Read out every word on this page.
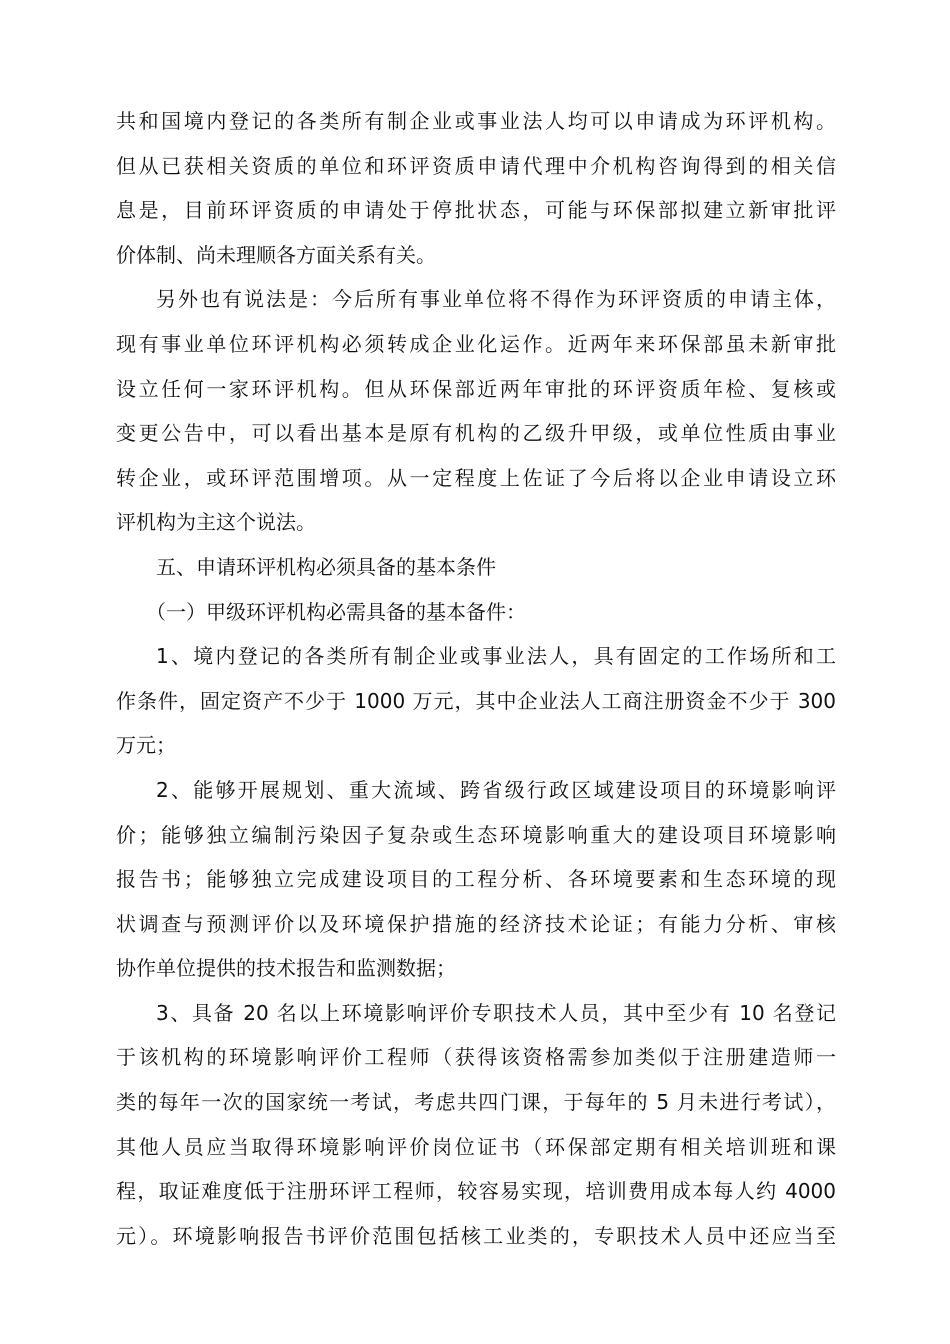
共和国境内登记的各类所有制企业或事业法人均可以申请成为环评机构。
但从已获相关资质的单位和环评资质申请代理中介机构咨询得到的相关信
息是，目前环评资质的申请处于停批状态，可能与环保部拟建立新审批评
价体制、尚未理顺各方面关系有关。
另外也有说法是：今后所有事业单位将不得作为环评资质的申请主体，
现有事业单位环评机构必须转成企业化运作。近两年来环保部虽未新审批
设立任何一家环评机构。但从环保部近两年审批的环评资质年检、复核或
变更公告中，可以看出基本是原有机构的乙级升甲级，或单位性质由事业
转企业，或环评范围增项。从一定程度上佐证了今后将以企业申请设立环
评机构为主这个说法。
五、申请环评机构必须具备的基本条件
（一）甲级环评机构必需具备的基本备件：
1、境内登记的各类所有制企业或事业法人，具有固定的工作场所和工
作条件，固定资产不少于 1000 万元，其中企业法人工商注册资金不少于 300
万元；
2、能够开展规划、重大流域、跨省级行政区域建设项目的环境影响评
价；能够独立编制污染因子复杂或生态环境影响重大的建设项目环境影响
报告书；能够独立完成建设项目的工程分析、各环境要素和生态环境的现
状调查与预测评价以及环境保护措施的经济技术论证；有能力分析、审核
协作单位提供的技术报告和监测数据；
3、具备 20 名以上环境影响评价专职技术人员，其中至少有 10 名登记
于该机构的环境影响评价工程师（获得该资格需参加类似于注册建造师一
类的每年一次的国家统一考试，考虑共四门课，于每年的 5 月未进行考试），
其他人员应当取得环境影响评价岗位证书（环保部定期有相关培训班和课
程，取证难度低于注册环评工程师，较容易实现，培训费用成本每人约 4000
元）。环境影响报告书评价范围包括核工业类的，专职技术人员中还应当至
